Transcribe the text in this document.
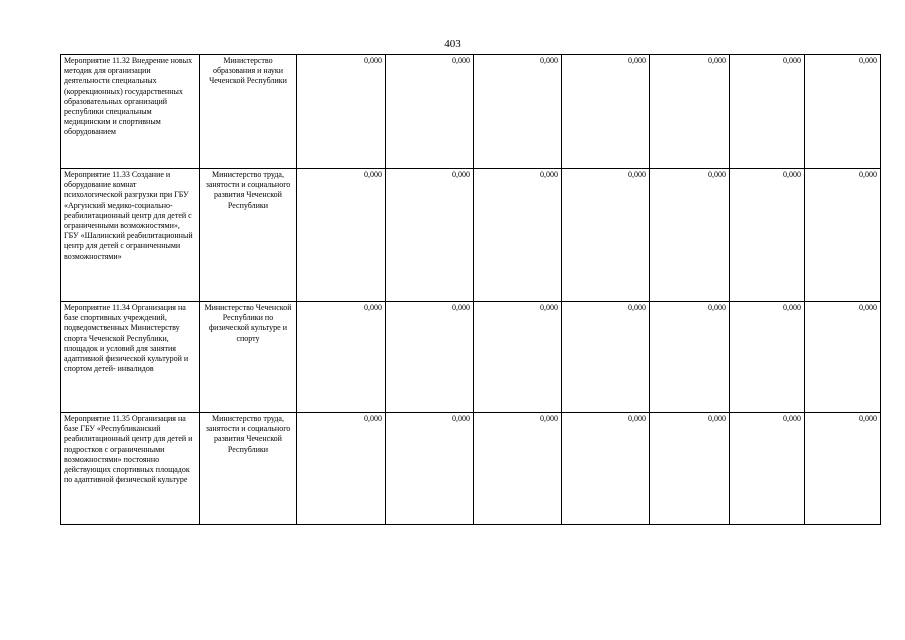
403
Мероприятие 11.32 Внедрение новых методик для организации деятельности специальных (коррекционных) государственных образовательных организаций республики специальным медицинским и спортивным оборудованием	Министерство образования и науки Чеченской Республики	0,000	0,000	0,000	0,000	0,000	0,000	0,000
Мероприятие 11.33 Создание и оборудование комнат психологической разгрузки при ГБУ «Аргунский медико-социально-реабилитационный центр для детей с ограниченными возможностями», ГБУ «Шалинский реабилитационный центр для детей с ограниченными возможностями»	Министерство труда, занятости и социального развития Чеченской Республики	0,000	0,000	0,000	0,000	0,000	0,000	0,000
Мероприятие 11.34 Организация на базе спортивных учреждений, подведомственных Министерству спорта Чеченской Республики, площадок и условий для занятия адаптивной физической культурой и спортом детей- инвалидов	Министерство Чеченской Республики по физической культуре и спорту	0,000	0,000	0,000	0,000	0,000	0,000	0,000
Мероприятие 11.35 Организация на базе ГБУ «Республиканский реабилитационный центр для детей и подростков с ограниченными возможностями» постоянно действующих спортивных площадок по адаптивной физической культуре	Министерство труда, занятости и социального развития Чеченской Республики	0,000	0,000	0,000	0,000	0,000	0,000	0,000
